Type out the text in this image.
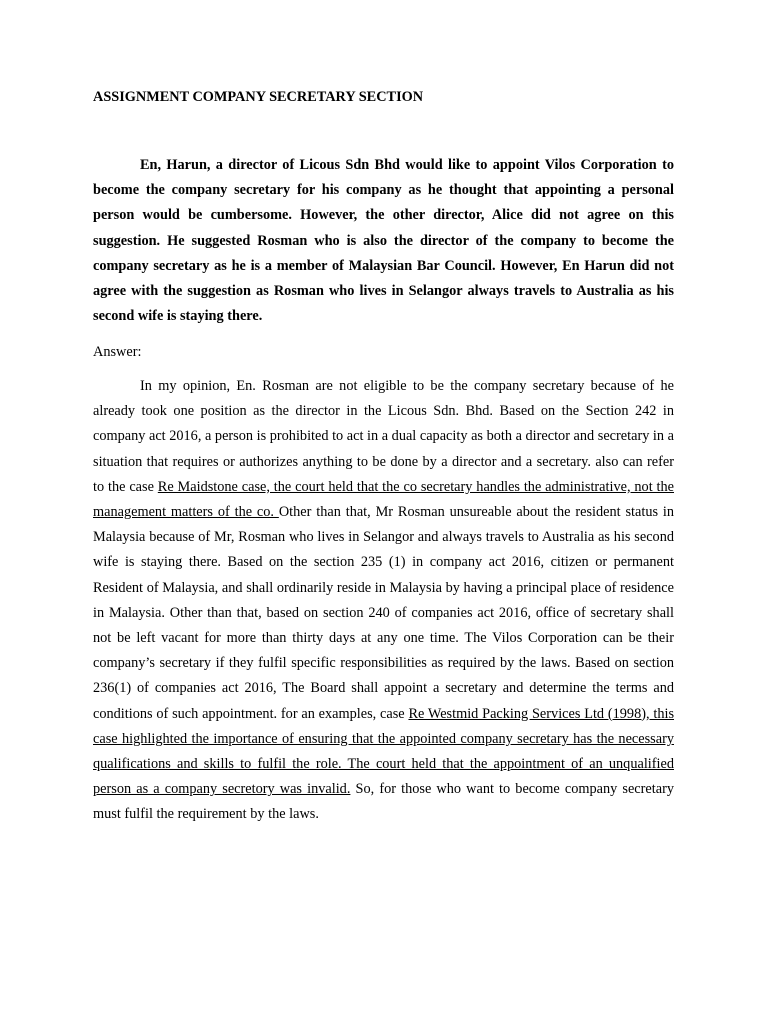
ASSIGNMENT COMPANY SECRETARY SECTION

En, Harun, a director of Licous Sdn Bhd would like to appoint Vilos Corporation to become the company secretary for his company as he thought that appointing a personal person would be cumbersome. However, the other director, Alice did not agree on this suggestion. He suggested Rosman who is also the director of the company to become the company secretary as he is a member of Malaysian Bar Council. However, En Harun did not agree with the suggestion as Rosman who lives in Selangor always travels to Australia as his second wife is staying there.

Answer:

In my opinion, En. Rosman are not eligible to be the company secretary because of he already took one position as the director in the Licous Sdn. Bhd. Based on the Section 242 in company act 2016, a person is prohibited to act in a dual capacity as both a director and secretary in a situation that requires or authorizes anything to be done by a director and a secretary. also can refer to the case Re Maidstone case, the court held that the co secretary handles the administrative, not the management matters of the co. Other than that, Mr Rosman unsureable about the resident status in Malaysia because of Mr, Rosman who lives in Selangor and always travels to Australia as his second wife is staying there. Based on the section 235 (1) in company act 2016, citizen or permanent Resident of Malaysia, and shall ordinarily reside in Malaysia by having a principal place of residence in Malaysia. Other than that, based on section 240 of companies act 2016, office of secretary shall not be left vacant for more than thirty days at any one time. The Vilos Corporation can be their company’s secretary if they fulfil specific responsibilities as required by the laws. Based on section 236(1) of companies act 2016, The Board shall appoint a secretary and determine the terms and conditions of such appointment. for an examples, case Re Westmid Packing Services Ltd (1998), this case highlighted the importance of ensuring that the appointed company secretary has the necessary qualifications and skills to fulfil the role. The court held that the appointment of an unqualified person as a company secretory was invalid. So, for those who want to become company secretary must fulfil the requirement by the laws.
